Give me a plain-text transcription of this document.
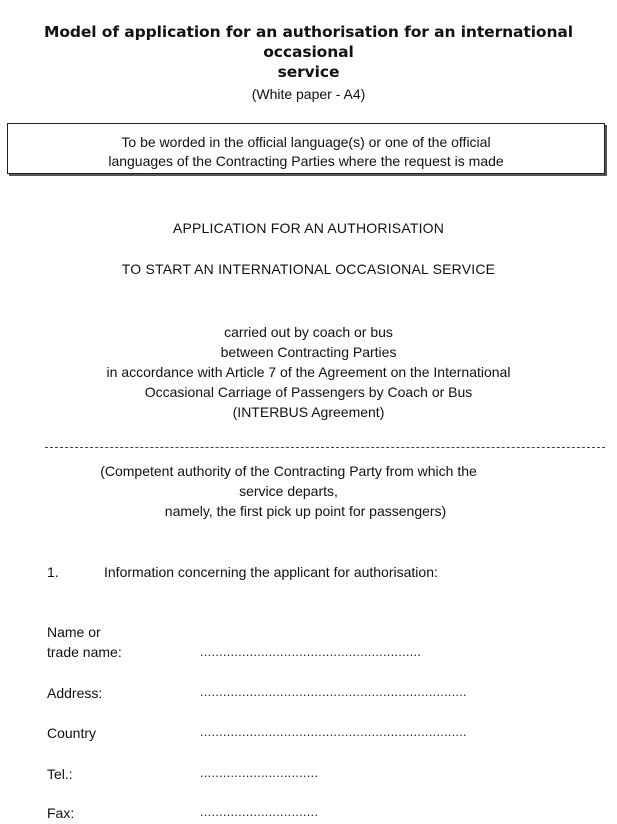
Model of application for an authorisation for an international occasional
service
(White paper - A4)
To be worded in the official language(s) or one of the official
languages of the Contracting Parties where the request is made
APPLICATION FOR AN AUTHORISATION
TO START AN INTERNATIONAL OCCASIONAL SERVICE
carried out by coach or bus
between Contracting Parties
in accordance with Article 7 of the Agreement on the International
Occasional Carriage of Passengers by Coach or Bus
(INTERBUS Agreement)
(Competent authority of the Contracting Party from which the
service departs,
namely, the first pick up point for passengers)
1.	Information concerning the applicant for authorisation:
Name or
trade name:	..........................................................
Address:	......................................................................
Country	......................................................................
Tel.:	...............................
Fax:	...............................
